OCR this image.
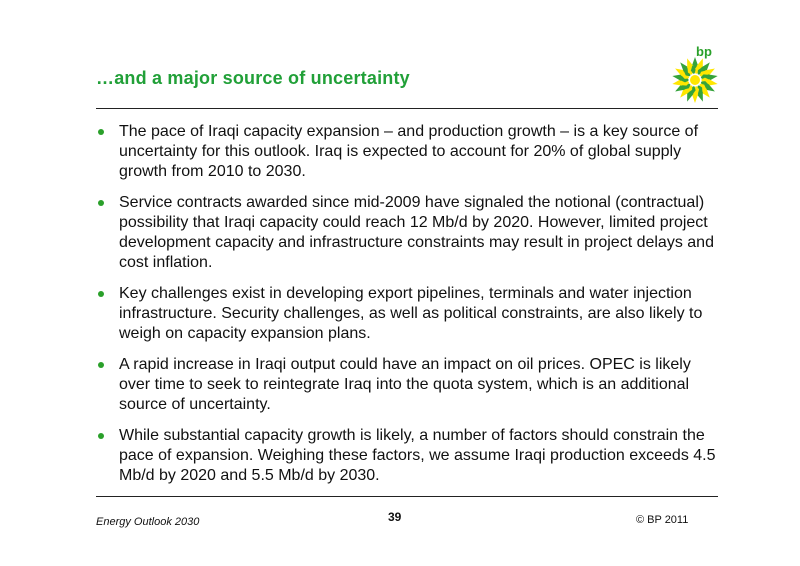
…and a major source of uncertainty
bp
The pace of Iraqi capacity expansion – and production growth – is a key source of uncertainty for this outlook. Iraq is expected to account for 20% of global supply growth from 2010 to 2030.
Service contracts awarded since mid-2009 have signaled the notional (contractual) possibility that Iraqi capacity could reach 12 Mb/d by 2020. However, limited project development capacity and infrastructure constraints may result in project delays and cost inflation.
Key challenges exist in developing export pipelines, terminals and water injection infrastructure. Security challenges, as well as political constraints, are also likely to weigh on capacity expansion plans.
A rapid increase in Iraqi output could have an impact on oil prices. OPEC is likely over time to seek to reintegrate Iraq into the quota system, which is an additional source of uncertainty.
While substantial capacity growth is likely, a number of factors should constrain the pace of expansion. Weighing these factors, we assume Iraqi production exceeds 4.5 Mb/d by 2020 and 5.5 Mb/d by 2030.
Energy Outlook 2030	39	© BP 2011
